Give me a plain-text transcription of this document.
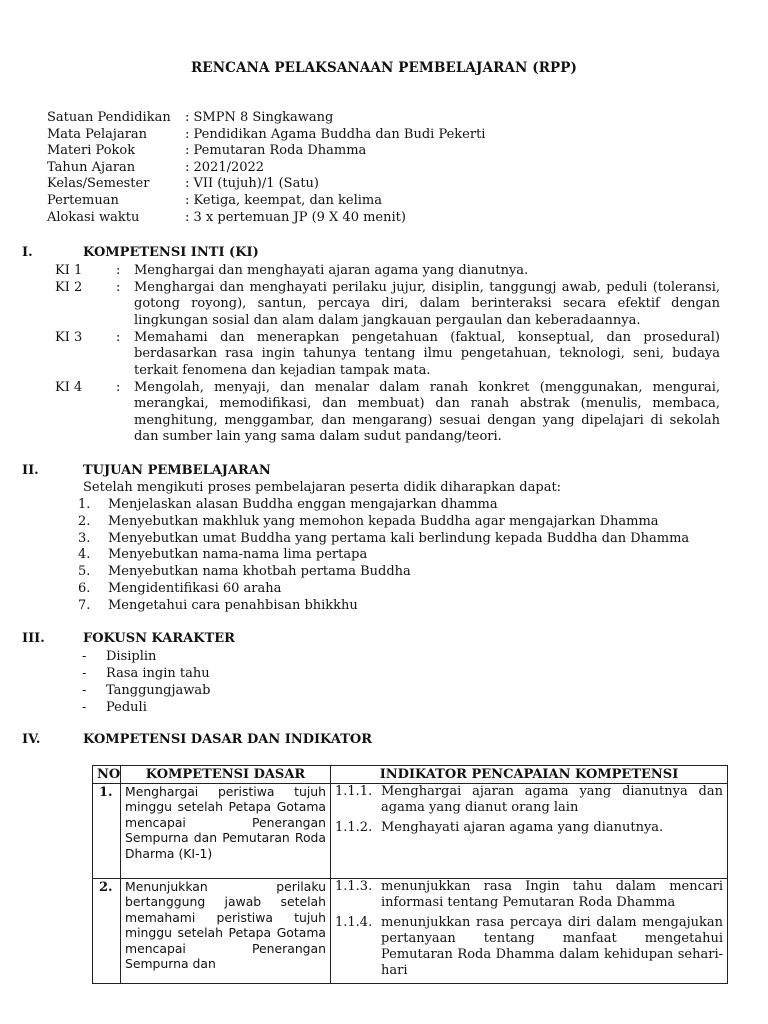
RENCANA PELAKSANAAN PEMBELAJARAN (RPP)
Satuan Pendidikan	: SMPN 8 Singkawang
Mata Pelajaran	: Pendidikan Agama Buddha dan Budi Pekerti
Materi Pokok	: Pemutaran Roda Dhamma
Tahun Ajaran	: 2021/2022
Kelas/Semester	: VII (tujuh)/1 (Satu)
Pertemuan	: Ketiga, keempat, dan kelima
Alokasi waktu	: 3 x pertemuan JP (9 X 40 menit)
I.	KOMPETENSI INTI (KI)
KI 1	: Menghargai dan menghayati ajaran agama yang dianutnya.
KI 2	: Menghargai dan menghayati perilaku jujur, disiplin, tanggungj awab, peduli (toleransi, gotong royong), santun, percaya diri, dalam berinteraksi secara efektif dengan lingkungan sosial dan alam dalam jangkauan pergaulan dan keberadaannya.
KI 3	: Memahami dan menerapkan pengetahuan (faktual, konseptual, dan prosedural) berdasarkan rasa ingin tahunya tentang ilmu pengetahuan, teknologi, seni, budaya terkait fenomena dan kejadian tampak mata.
KI 4	: Mengolah, menyaji, dan menalar dalam ranah konkret (menggunakan, mengurai, merangkai, memodifikasi, dan membuat) dan ranah abstrak (menulis, membaca, menghitung, menggambar, dan mengarang) sesuai dengan yang dipelajari di sekolah dan sumber lain yang sama dalam sudut pandang/teori.
II.	TUJUAN PEMBELAJARAN
Setelah mengikuti proses pembelajaran peserta didik diharapkan dapat:
1.	Menjelaskan alasan Buddha enggan mengajarkan dhamma
2.	Menyebutkan makhluk yang memohon kepada Buddha agar mengajarkan Dhamma
3.	Menyebutkan umat Buddha yang pertama kali berlindung kepada Buddha dan Dhamma
4.	Menyebutkan nama-nama lima pertapa
5.	Menyebutkan nama khotbah pertama Buddha
6.	Mengidentifikasi 60 araha
7.	Mengetahui cara penahbisan bhikkhu
III.	FOKUSN KARAKTER
-	Disiplin
-	Rasa ingin tahu
-	Tanggungjawab
-	Peduli
IV.	KOMPETENSI DASAR DAN INDIKATOR
NO	KOMPETENSI DASAR	INDIKATOR PENCAPAIAN KOMPETENSI
1.	Menghargai peristiwa tujuh minggu setelah Petapa Gotama mencapai Penerangan Sempurna dan Pemutaran Roda Dharma (KI-1)	1.1.1. Menghargai ajaran agama yang dianutnya dan agama yang dianut orang lain
1.1.2. Menghayati ajaran agama yang dianutnya.

2.	Menunjukkan perilaku bertanggung jawab setelah memahami peristiwa tujuh minggu setelah Petapa Gotama mencapai Penerangan Sempurna dan	1.1.3. menunjukkan rasa Ingin tahu dalam mencari informasi tentang Pemutaran Roda Dhamma
1.1.4. menunjukkan rasa percaya diri dalam mengajukan pertanyaan tentang manfaat mengetahui Pemutaran Roda Dhamma dalam kehidupan sehari-hari
